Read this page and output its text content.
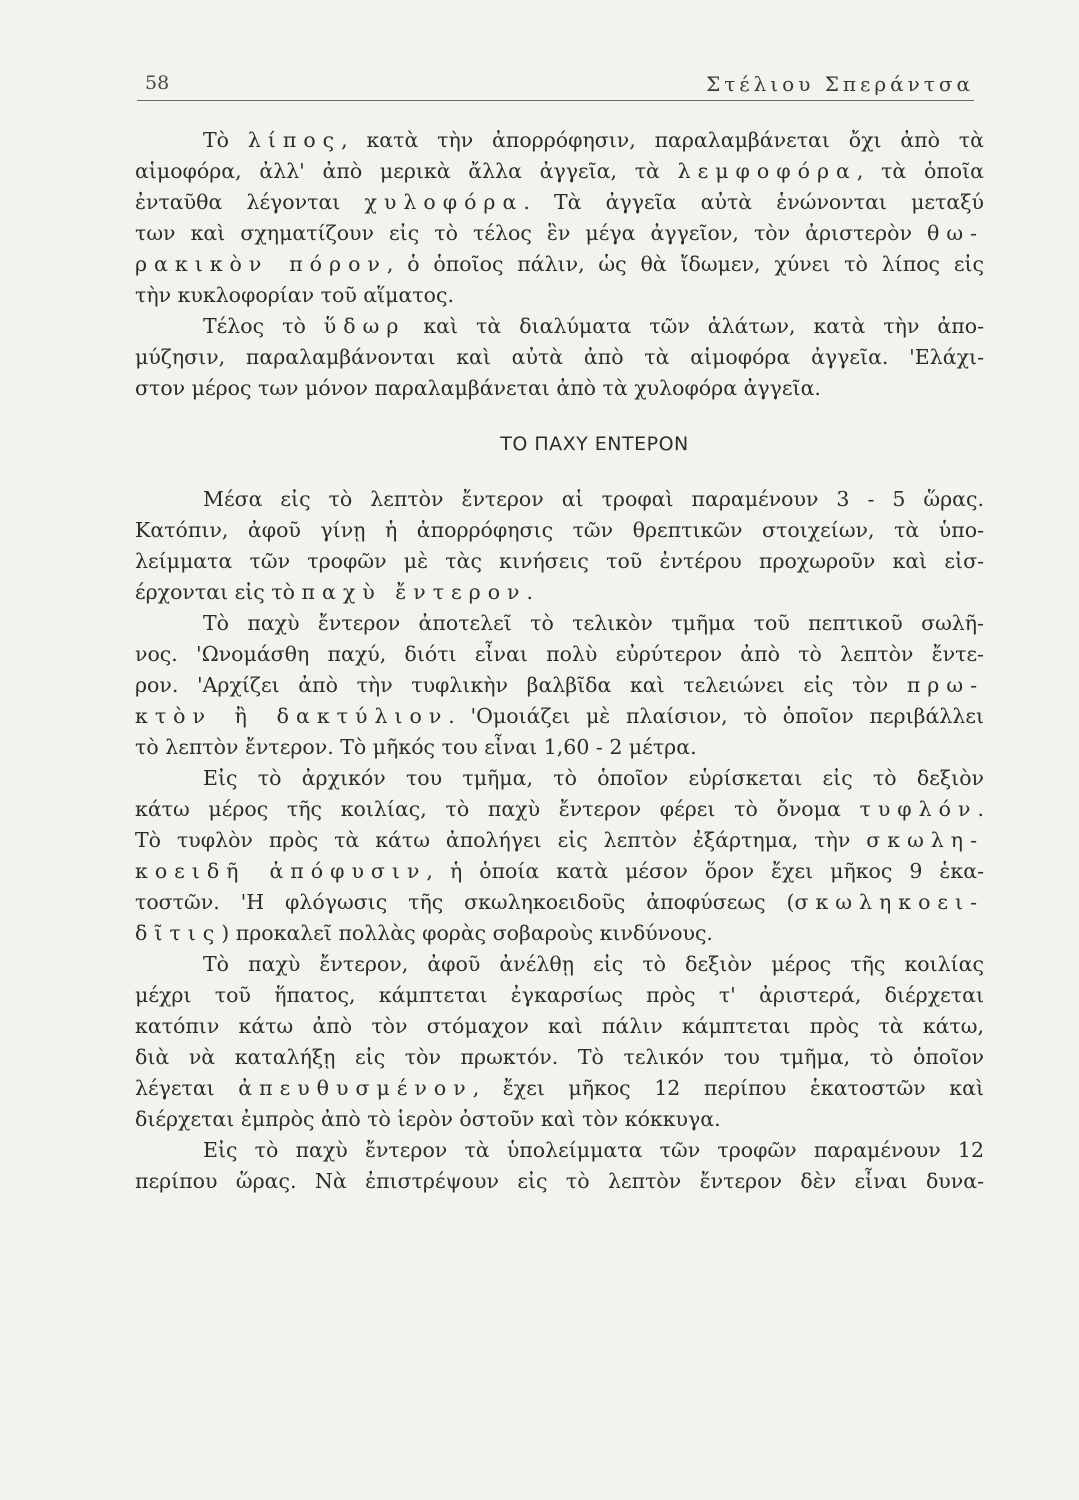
58	Στέλιου Σπεράντσα

Τὸ λίπος, κατὰ τὴν ἀπορρόφησιν, παραλαμβάνεται ὄχι ἀπὸ τὰ

αἱμοφόρα, ἀλλ' ἀπὸ μερικὰ ἄλλα ἀγγεῖα, τὰ λεμφοφόρα, τὰ ὁποῖα

ἐνταῦθα λέγονται χυλοφόρα. Τὰ ἀγγεῖα αὐτὰ ἑνώνονται μεταξύ

των καὶ σχηματίζουν εἰς τὸ τέλος ἓν μέγα ἀγγεῖον, τὸν ἀριστερὸν θω-

ρακικὸν πόρον, ὁ ὁποῖος πάλιν, ὡς θὰ ἴδωμεν, χύνει τὸ λίπος εἰς

τὴν κυκλοφορίαν τοῦ αἵματος.

Τέλος τὸ ὕδωρ καὶ τὰ διαλύματα τῶν ἁλάτων, κατὰ τὴν ἀπο-

μύζησιν, παραλαμβάνονται καὶ αὐτὰ ἀπὸ τὰ αἱμοφόρα ἀγγεῖα. 'Ελάχι-

στον μέρος των μόνον παραλαμβάνεται ἀπὸ τὰ χυλοφόρα ἀγγεῖα.

ΤΟ ΠΑΧΥ ΕΝΤΕΡΟΝ

Μέσα εἰς τὸ λεπτὸν ἔντερον αἱ τροφαὶ παραμένουν 3 - 5 ὥρας.

Κατόπιν, ἀφοῦ γίνῃ ἡ ἀπορρόφησις τῶν θρεπτικῶν στοιχείων, τὰ ὑπο-

λείμματα τῶν τροφῶν μὲ τὰς κινήσεις τοῦ ἐντέρου προχωροῦν καὶ εἰσ-

έρχονται εἰς τὸ παχὺ ἔντερον.

Τὸ παχὺ ἔντερον ἀποτελεῖ τὸ τελικὸν τμῆμα τοῦ πεπτικοῦ σωλῆ-

νος. 'Ωνομάσθη παχύ, διότι εἶναι πολὺ εὐρύτερον ἀπὸ τὸ λεπτὸν ἔντε-

ρον. 'Αρχίζει ἀπὸ τὴν τυφλικὴν βαλβῖδα καὶ τελειώνει εἰς τὸν πρω-

κτὸν ἢ δακτύλιον. 'Ομοιάζει μὲ πλαίσιον, τὸ ὁποῖον περιβάλλει

τὸ λεπτὸν ἔντερον. Τὸ μῆκός του εἶναι 1,60 - 2 μέτρα.

Εἰς τὸ ἀρχικόν του τμῆμα, τὸ ὁποῖον εὑρίσκεται εἰς τὸ δεξιὸν

κάτω μέρος τῆς κοιλίας, τὸ παχὺ ἔντερον φέρει τὸ ὄνομα τυφλόν.

Τὸ τυφλὸν πρὸς τὰ κάτω ἀπολήγει εἰς λεπτὸν ἐξάρτημα, τὴν σκωλη-

κοειδῆ ἀπόφυσιν, ἡ ὁποία κατὰ μέσον ὅρον ἔχει μῆκος 9 ἑκα-

τοστῶν. 'Η φλόγωσις τῆς σκωληκοειδοῦς ἀποφύσεως (σκωληκοει-

δῖτις) προκαλεῖ πολλὰς φορὰς σοβαροὺς κινδύνους.

Τὸ παχὺ ἔντερον, ἀφοῦ ἀνέλθῃ εἰς τὸ δεξιὸν μέρος τῆς κοιλίας

μέχρι τοῦ ἥπατος, κάμπτεται ἐγκαρσίως πρὸς τ' ἀριστερά, διέρχεται

κατόπιν κάτω ἀπὸ τὸν στόμαχον καὶ πάλιν κάμπτεται πρὸς τὰ κάτω,

διὰ νὰ καταλήξῃ εἰς τὸν πρωκτόν. Τὸ τελικόν του τμῆμα, τὸ ὁποῖον

λέγεται ἀπευθυσμένον, ἔχει μῆκος 12 περίπου ἑκατοστῶν καὶ

διέρχεται ἐμπρὸς ἀπὸ τὸ ἱερὸν ὀστοῦν καὶ τὸν κόκκυγα.

Εἰς τὸ παχὺ ἔντερον τὰ ὑπολείμματα τῶν τροφῶν παραμένουν 12

περίπου ὥρας. Νὰ ἐπιστρέψουν εἰς τὸ λεπτὸν ἔντερον δὲν εἶναι δυνα-
